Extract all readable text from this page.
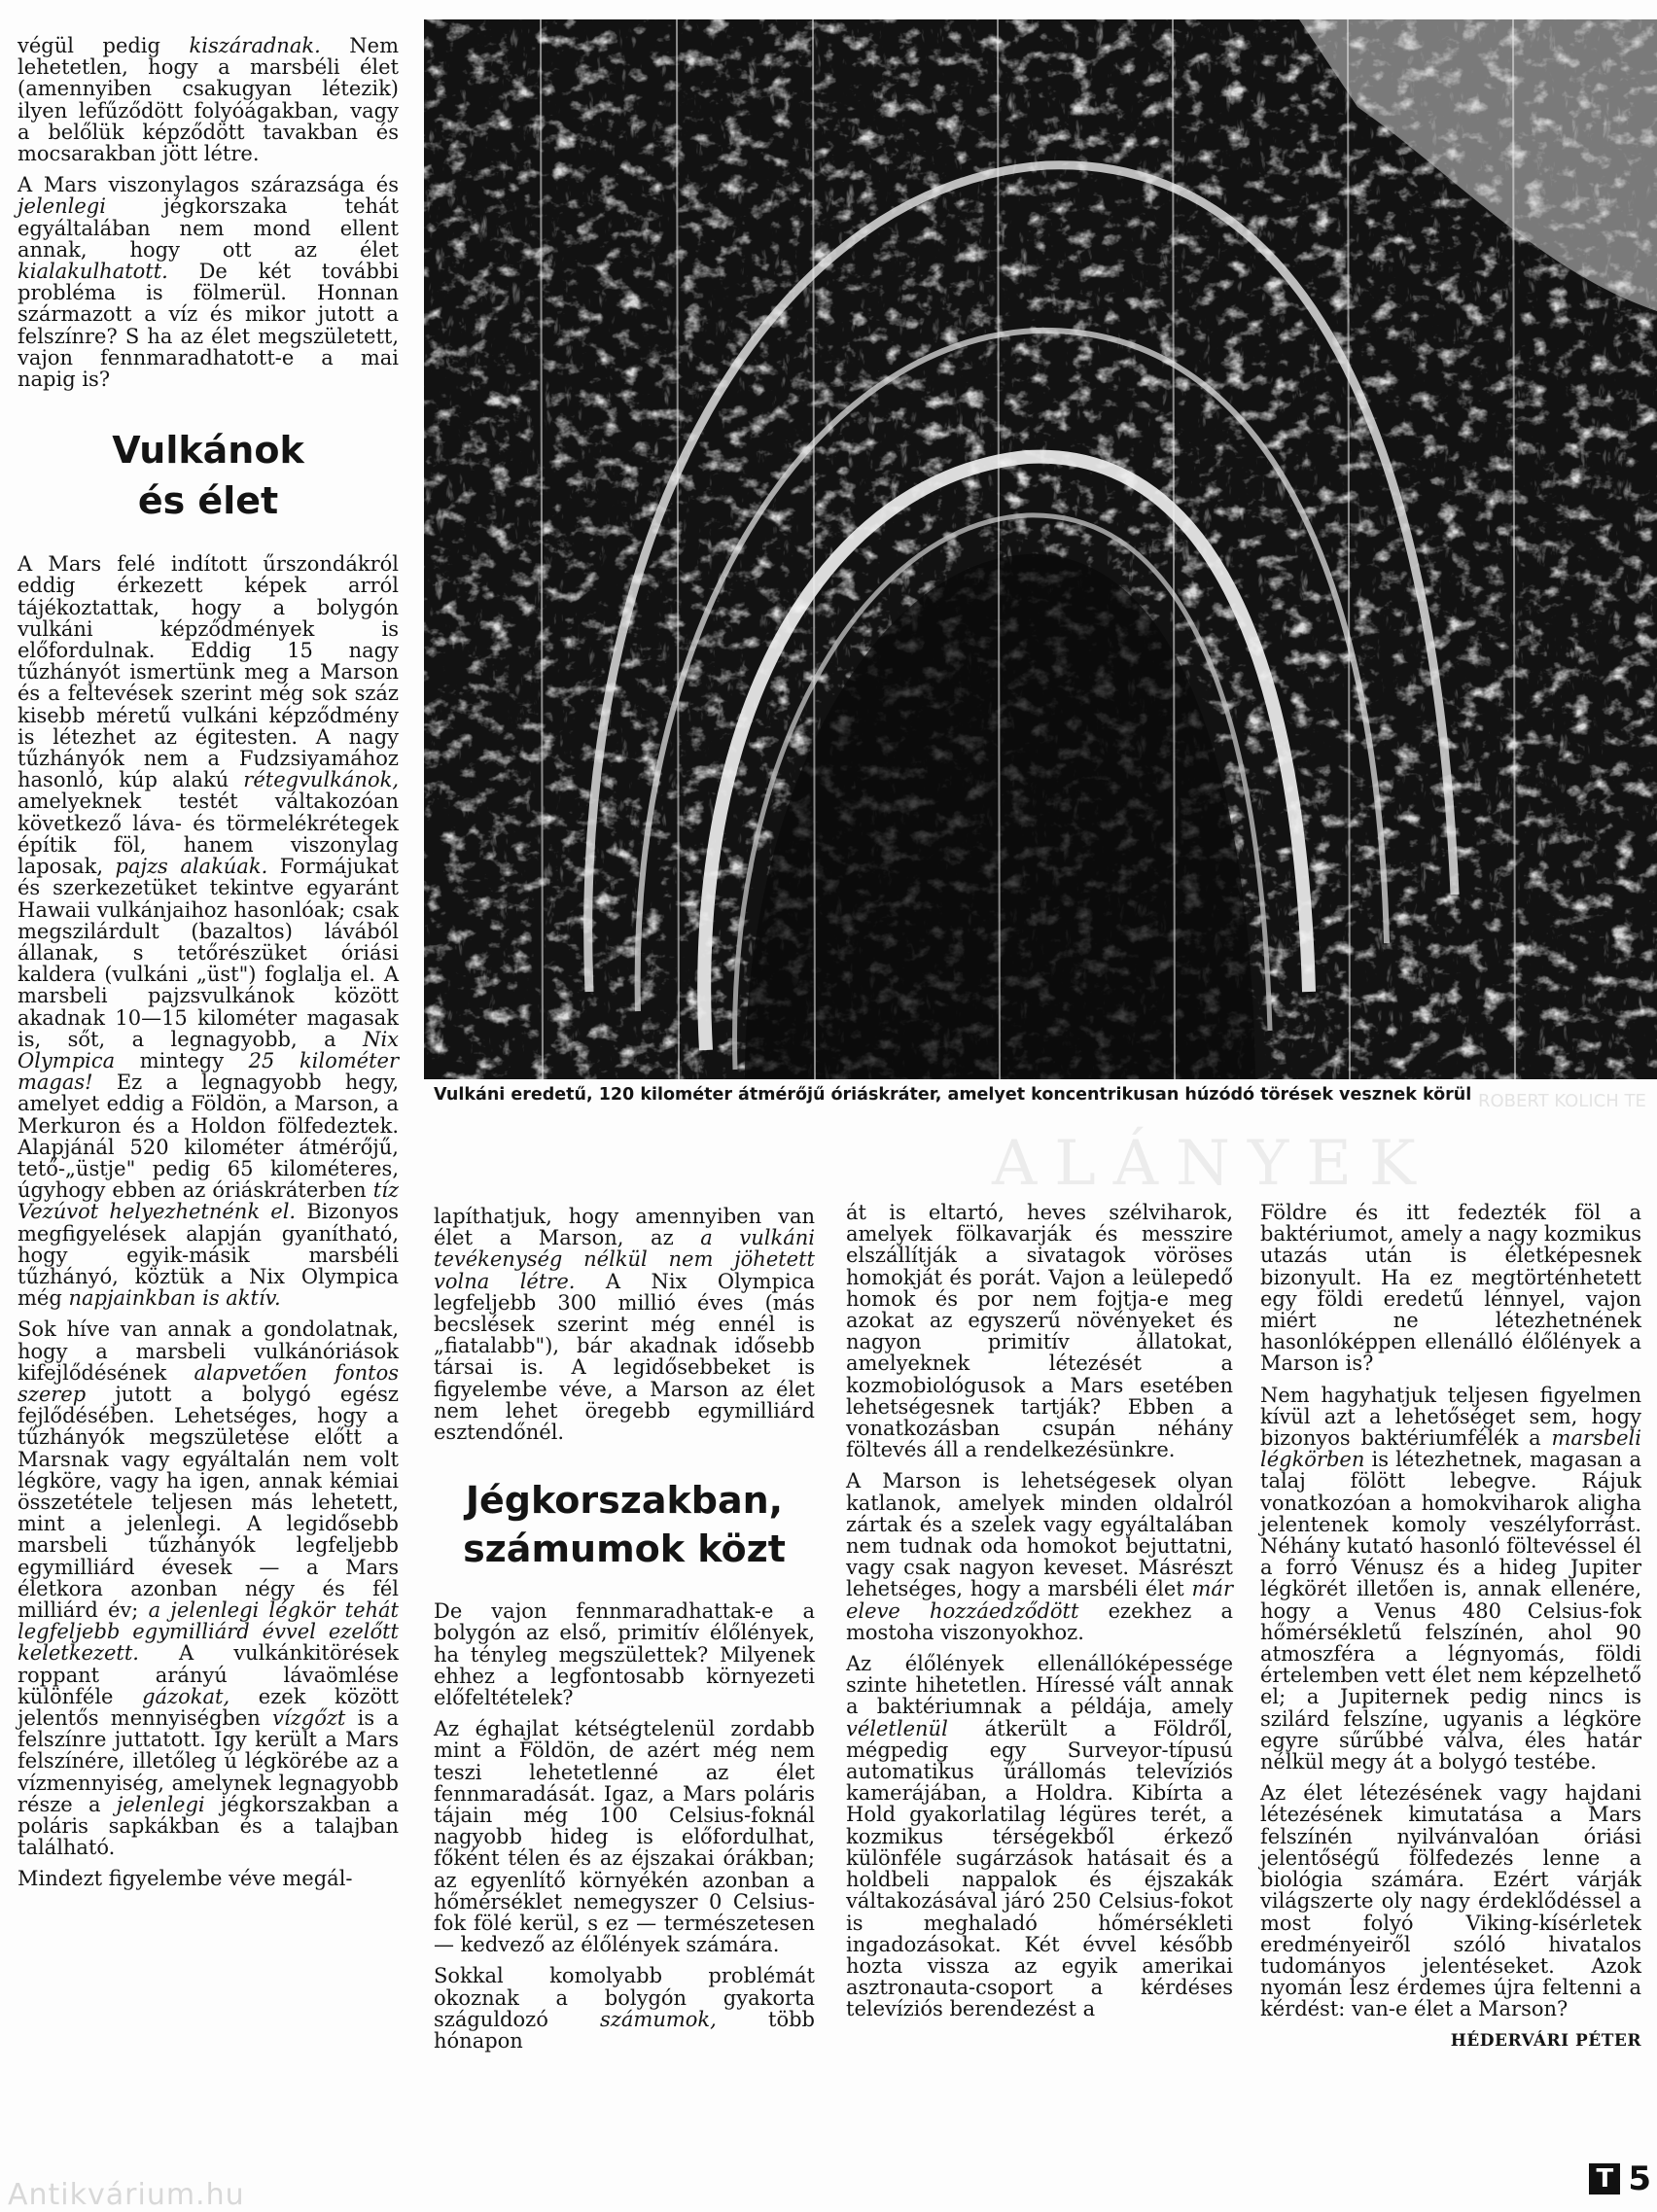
végül pedig kiszáradnak. Nem lehetetlen, hogy a marsbéli élet (amennyiben csakugyan létezik) ilyen lefűződött folyóágakban, vagy a belőlük képződött tavakban és mocsarakban jött létre.

A Mars viszonylagos szárazsága és jelenlegi jégkorszaka tehát egyáltalában nem mond ellent annak, hogy ott az élet kialakulhatott. De két további probléma is fölmerül. Honnan származott a víz és mikor jutott a felszínre? S ha az élet megszületett, vajon fennmaradhatott-e a mai napig is?

Vulkánok
és élet

A Mars felé indított űrszondákról eddig érkezett képek arról tájékoztattak, hogy a bolygón vulkáni képződmények is előfordulnak. Eddig 15 nagy tűzhányót ismertünk meg a Marson és a feltevések szerint még sok száz kisebb méretű vulkáni képződmény is létezhet az égitesten. A nagy tűzhányók nem a Fudzsiyamához hasonló, kúp alakú rétegvulkánok, amelyeknek testét váltakozóan következő láva- és törmelékrétegek építik föl, hanem viszonylag laposak, pajzs alakúak. Formájukat és szerkezetüket tekintve egyaránt Hawaii vulkánjaihoz hasonlóak; csak megszilárdult (bazaltos) lávából állanak, s tetőrészüket óriási kaldera (vulkáni „üst") foglalja el. A marsbeli pajzsvulkánok között akadnak 10—15 kilométer magasak is, sőt, a legnagyobb, a Nix Olympica mintegy 25 kilométer magas! Ez a legnagyobb hegy, amelyet eddig a Földön, a Marson, a Merkuron és a Holdon fölfedeztek. Alapjánál 520 kilométer átmérőjű, tető-„üstje" pedig 65 kilométeres, úgyhogy ebben az óriáskráterben tíz Vezúvot helyezhetnénk el. Bizonyos megfigyelések alapján gyanítható, hogy egyik-másik marsbéli tűzhányó, köztük a Nix Olympica még napjainkban is aktív.

Sok híve van annak a gondolatnak, hogy a marsbeli vulkánóriások kifejlődésének alapvetően fontos szerep jutott a bolygó egész fejlődésében. Lehetséges, hogy a tűzhányók megszületése előtt a Marsnak vagy egyáltalán nem volt légköre, vagy ha igen, annak kémiai összetétele teljesen más lehetett, mint a jelenlegi. A legidősebb marsbeli tűzhányók legfeljebb egymilliárd évesek — a Mars életkora azonban négy és fél milliárd év; a jelenlegi légkör tehát legfeljebb egymilliárd évvel ezelőtt keletkezett. A vulkánkitörések roppant arányú lávaömlése különféle gázokat, ezek között jelentős mennyiségben vízgőzt is a felszínre juttatott. Így került a Mars felszínére, illetőleg ú légkörébe az a vízmennyiség, amelynek legnagyobb része a jelenlegi jégkorszakban a poláris sapkákban és a talajban található.

Mindezt figyelembe véve megál-

Vulkáni eredetű, 120 kilométer átmérőjű óriáskráter, amelyet koncentrikusan húzódó törések vesznek körül ROBERT KOLICH TE
ALÁNYEK

lapíthatjuk, hogy amennyiben van élet a Marson, az a vulkáni tevékenység nélkül nem jöhetett volna létre. A Nix Olympica legfeljebb 300 millió éves (más becslések szerint még ennél is „fiatalabb"), bár akadnak idősebb társai is. A legidősebbeket is figyelembe véve, a Marson az élet nem lehet öregebb egymilliárd esztendőnél.

Jégkorszakban,
számumok közt

De vajon fennmaradhattak-e a bolygón az első, primitív élőlények, ha tényleg megszülettek? Milyenek ehhez a legfontosabb környezeti előfeltételek?

Az éghajlat kétségtelenül zordabb mint a Földön, de azért még nem teszi lehetetlenné az élet fennmaradását. Igaz, a Mars poláris tájain még 100 Celsius-foknál nagyobb hideg is előfordulhat, főként télen és az éjszakai órákban; az egyenlítő környékén azonban a hőmérséklet nemegyszer 0 Celsius-fok fölé kerül, s ez — természetesen — kedvező az élőlények számára.

Sokkal komolyabb problémát okoznak a bolygón gyakorta száguldozó számumok, több hónapon

át is eltartó, heves szélviharok, amelyek fölkavarják és messzire elszállítják a sivatagok vöröses homokját és porát. Vajon a leülepedő homok és por nem fojtja-e meg azokat az egyszerű növényeket és nagyon primitív állatokat, amelyeknek létezését a kozmobiológusok a Mars esetében lehetségesnek tartják? Ebben a vonatkozásban csupán néhány föltevés áll a rendelkezésünkre.

A Marson is lehetségesek olyan katlanok, amelyek minden oldalról zártak és a szelek vagy egyáltalában nem tudnak oda homokot bejuttatni, vagy csak nagyon keveset. Másrészt lehetséges, hogy a marsbéli élet már eleve hozzáedződött ezekhez a mostoha viszonyokhoz.

Az élőlények ellenállóképessége szinte hihetetlen. Híressé vált annak a baktériumnak a példája, amely véletlenül átkerült a Földről, mégpedig egy Surveyor-típusú automatikus űrállomás televíziós kamerájában, a Holdra. Kibírta a Hold gyakorlatilag légüres terét, a kozmikus térségekből érkező különféle sugárzások hatásait és a holdbeli nappalok és éjszakák váltakozásával járó 250 Celsius-fokot is meghaladó hőmérsékleti ingadozásokat. Két évvel később hozta vissza az egyik amerikai asztronauta-csoport a kérdéses televíziós berendezést a

Földre és itt fedezték föl a baktériumot, amely a nagy kozmikus utazás után is életképesnek bizonyult. Ha ez megtörténhetett egy földi eredetű lénnyel, vajon miért ne létezhetnének hasonlóképpen ellenálló élőlények a Marson is?

Nem hagyhatjuk teljesen figyelmen kívül azt a lehetőséget sem, hogy bizonyos baktériumfélék a marsbeli légkörben is létezhetnek, magasan a talaj fölött lebegve. Rájuk vonatkozóan a homokviharok aligha jelentenek komoly veszélyforrást. Néhány kutató hasonló föltevéssel él a forró Vénusz és a hideg Jupiter légkörét illetően is, annak ellenére, hogy a Venus 480 Celsius-fok hőmérsékletű felszínén, ahol 90 atmoszféra a légnyomás, földi értelemben vett élet nem képzelhető el; a Jupiternek pedig nincs is szilárd felszíne, ugyanis a légköre egyre sűrűbbé válva, éles határ nélkül megy át a bolygó testébe.

Az élet létezésének vagy hajdani létezésének kimutatása a Mars felszínén nyilvánvalóan óriási jelentőségű fölfedezés lenne a biológia számára. Ezért várják világszerte oly nagy érdeklődéssel a most folyó Viking-kísérletek eredményeiről szóló hivatalos tudományos jelentéseket. Azok nyomán lesz érdemes újra feltenni a kérdést: van-e élet a Marson?

HÉDERVÁRI PÉTER
Antikvárium.hu	T 5
